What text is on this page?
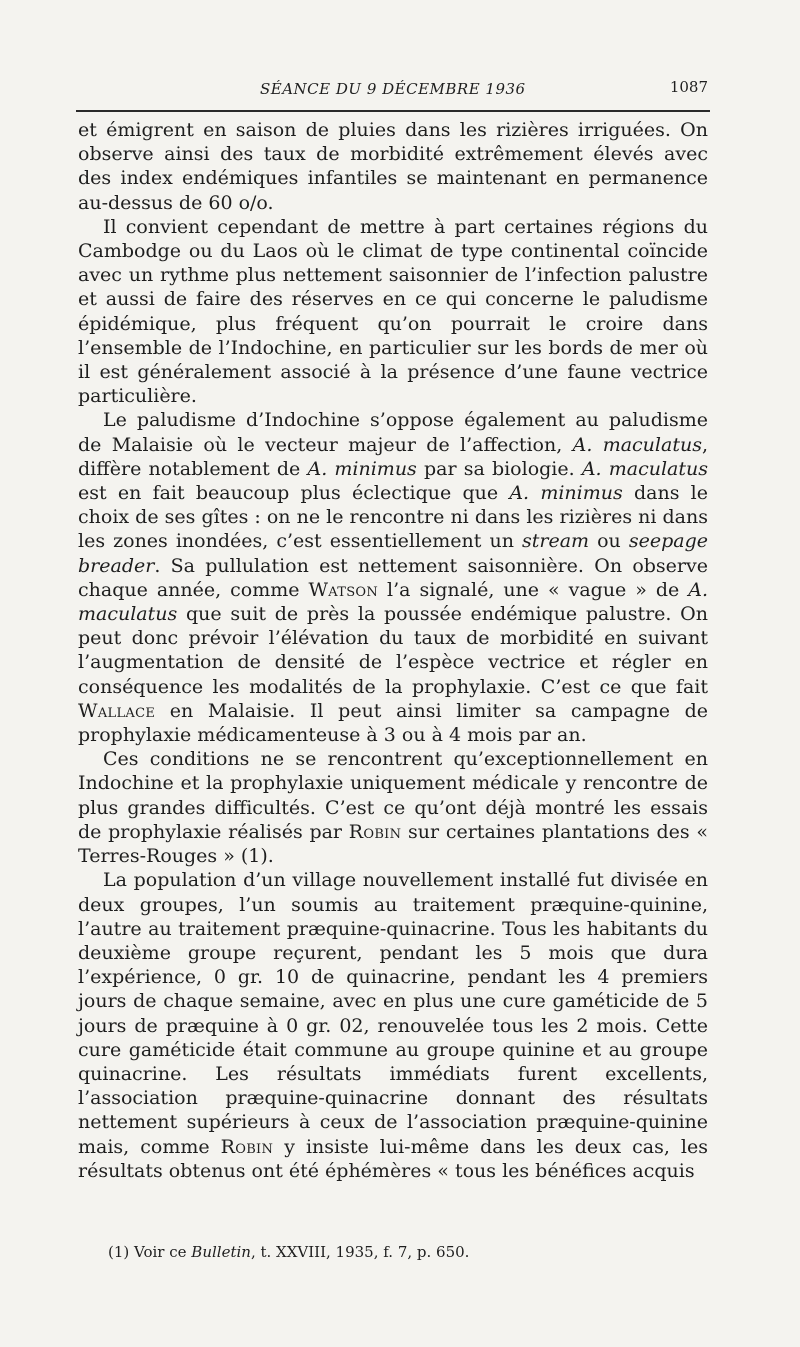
SÉANCE DU 9 DÉCEMBRE 1936	1087

et émigrent en saison de pluies dans les rizières irriguées. On observe ainsi des taux de morbidité extrêmement élevés avec des index endémiques infantiles se maintenant en permanence au-dessus de 60 o/o.

Il convient cependant de mettre à part certaines régions du Cambodge ou du Laos où le climat de type continental coïncide avec un rythme plus nettement saisonnier de l’infection palustre et aussi de faire des réserves en ce qui concerne le paludisme épidémique, plus fréquent qu’on pourrait le croire dans l’ensemble de l’Indochine, en particulier sur les bords de mer où il est généralement associé à la présence d’une faune vectrice particulière.

Le paludisme d’Indochine s’oppose également au paludisme de Malaisie où le vecteur majeur de l’affection, A. maculatus, diffère notablement de A. minimus par sa biologie. A. maculatus est en fait beaucoup plus éclectique que A. minimus dans le choix de ses gîtes : on ne le rencontre ni dans les rizières ni dans les zones inondées, c’est essentiellement un stream ou seepage breader. Sa pullulation est nettement saisonnière. On observe chaque année, comme Watson l’a signalé, une « vague » de A. maculatus que suit de près la poussée endémique palustre. On peut donc prévoir l’élévation du taux de morbidité en suivant l’augmentation de densité de l’espèce vectrice et régler en conséquence les modalités de la prophylaxie. C’est ce que fait Wallace en Malaisie. Il peut ainsi limiter sa campagne de prophylaxie médicamenteuse à 3 ou à 4 mois par an.

Ces conditions ne se rencontrent qu’exceptionnellement en Indochine et la prophylaxie uniquement médicale y rencontre de plus grandes difficultés. C’est ce qu’ont déjà montré les essais de prophylaxie réalisés par Robin sur certaines plantations des « Terres-Rouges » (1).

La population d’un village nouvellement installé fut divisée en deux groupes, l’un soumis au traitement præquine-quinine, l’autre au traitement præquine-quinacrine. Tous les habitants du deuxième groupe reçurent, pendant les 5 mois que dura l’expérience, 0 gr. 10 de quinacrine, pendant les 4 premiers jours de chaque semaine, avec en plus une cure gaméticide de 5 jours de præquine à 0 gr. 02, renouvelée tous les 2 mois. Cette cure gaméticide était commune au groupe quinine et au groupe quinacrine. Les résultats immédiats furent excellents, l’association præquine-quinacrine donnant des résultats nettement supérieurs à ceux de l’association præquine-quinine mais, comme Robin y insiste lui-même dans les deux cas, les résultats obtenus ont été éphémères « tous les bénéfices acquis

(1) Voir ce Bulletin, t. XXVIII, 1935, f. 7, p. 650.
